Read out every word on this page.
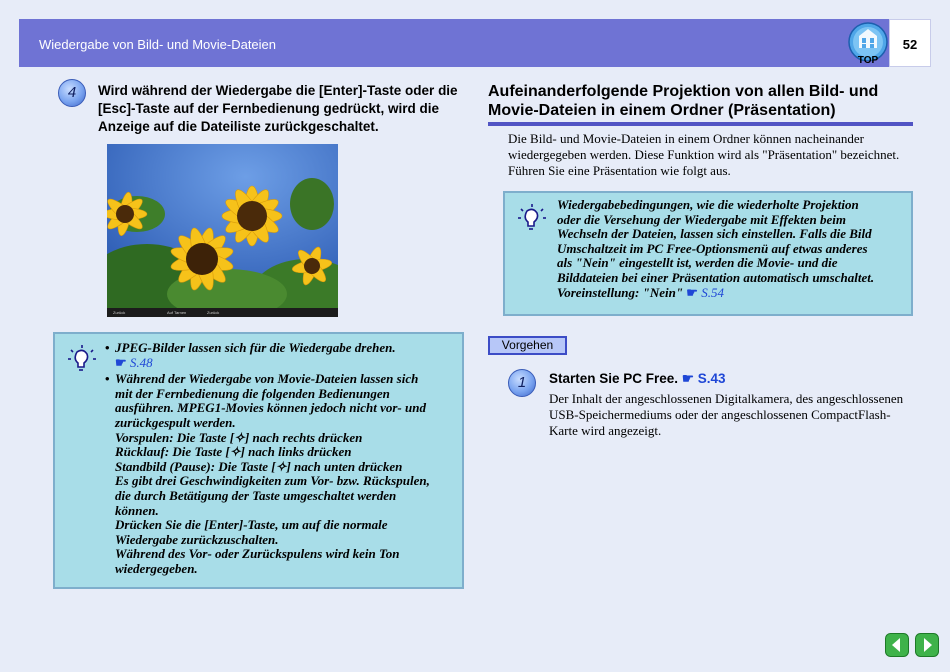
Wiedergabe von Bild- und Movie-Dateien
TOP
52
4	Wird während der Wiedergabe die [Enter]-Taste oder die [Esc]-Taste auf der Fernbedienung gedrückt, wird die Anzeige auf die Dateiliste zurückgeschaltet.
Zurück	Auf Tarnen	Zurück
• JPEG-Bilder lassen sich für die Wiedergabe drehen.
☛ S.48
• Während der Wiedergabe von Movie-Dateien lassen sich
mit der Fernbedienung die folgenden Bedienungen
ausführen. MPEG1-Movies können jedoch nicht vor- und
zurückgespult werden.
Vorspulen: Die Taste [✧] nach rechts drücken
Rücklauf: Die Taste [✧] nach links drücken
Standbild (Pause): Die Taste [✧] nach unten drücken
Es gibt drei Geschwindigkeiten zum Vor- bzw. Rückspulen,
die durch Betätigung der Taste umgeschaltet werden
können.
Drücken Sie die [Enter]-Taste, um auf die normale
Wiedergabe zurückzuschalten.
Während des Vor- oder Zurückspulens wird kein Ton
wiedergegeben.
Aufeinanderfolgende Projektion von allen Bild- und Movie-Dateien in einem Ordner (Präsentation)
Die Bild- und Movie-Dateien in einem Ordner können nacheinander wiedergegeben werden. Diese Funktion wird als "Präsentation" bezeichnet. Führen Sie eine Präsentation wie folgt aus.
Wiedergabebedingungen, wie die wiederholte Projektion
oder die Versehung der Wiedergabe mit Effekten beim
Wechseln der Dateien, lassen sich einstellen. Falls die Bild
Umschaltzeit im PC Free-Optionsmenü auf etwas anderes
als "Nein" eingestellt ist, werden die Movie- und die
Bilddateien bei einer Präsentation automatisch umschaltet.
Voreinstellung: "Nein" ☛ S.54
Vorgehen
1	Starten Sie PC Free. ☛ S.43
Der Inhalt der angeschlossenen Digitalkamera, des angeschlossenen USB-Speichermediums oder der angeschlossenen CompactFlash-Karte wird angezeigt.
